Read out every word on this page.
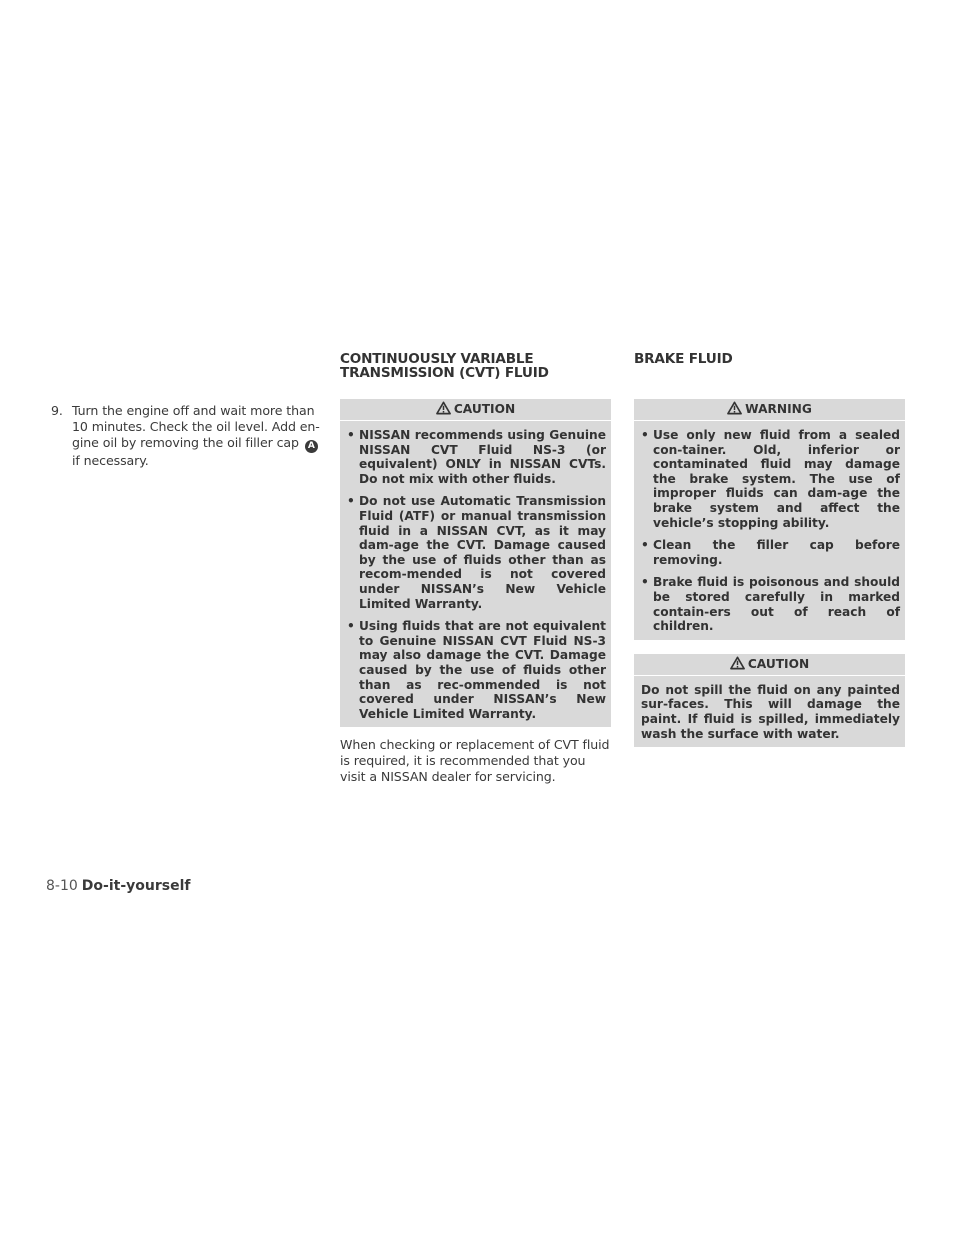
9. Turn the engine off and wait more than 10 minutes. Check the oil level. Add en-gine oil by removing the oil filler cap A
if necessary.

CONTINUOUSLY VARIABLE
TRANSMISSION (CVT) FLUID
CAUTION
• NISSAN recommends using Genuine NISSAN CVT Fluid NS-3 (or equivalent) ONLY in NISSAN CVTs. Do not mix with other fluids.
• Do not use Automatic Transmission Fluid (ATF) or manual transmission fluid in a NISSAN CVT, as it may dam-age the CVT. Damage caused by the use of fluids other than as recom-mended is not covered under NISSAN’s New Vehicle Limited Warranty.
• Using fluids that are not equivalent to Genuine NISSAN CVT Fluid NS-3 may also damage the CVT. Damage caused by the use of fluids other than as rec-ommended is not covered under NISSAN’s New Vehicle Limited Warranty.

When checking or replacement of CVT fluid is required, it is recommended that you visit a NISSAN dealer for servicing.

BRAKE FLUID
WARNING
• Use only new fluid from a sealed con-tainer. Old, inferior or contaminated fluid may damage the brake system. The use of improper fluids can dam-age the brake system and affect the vehicle’s stopping ability.
• Clean the filler cap before removing.
• Brake fluid is poisonous and should be stored carefully in marked contain-ers out of reach of children.
CAUTION

Do not spill the fluid on any painted sur-faces. This will damage the paint. If fluid is spilled, immediately wash the surface with water.

8-10 Do-it-yourself
